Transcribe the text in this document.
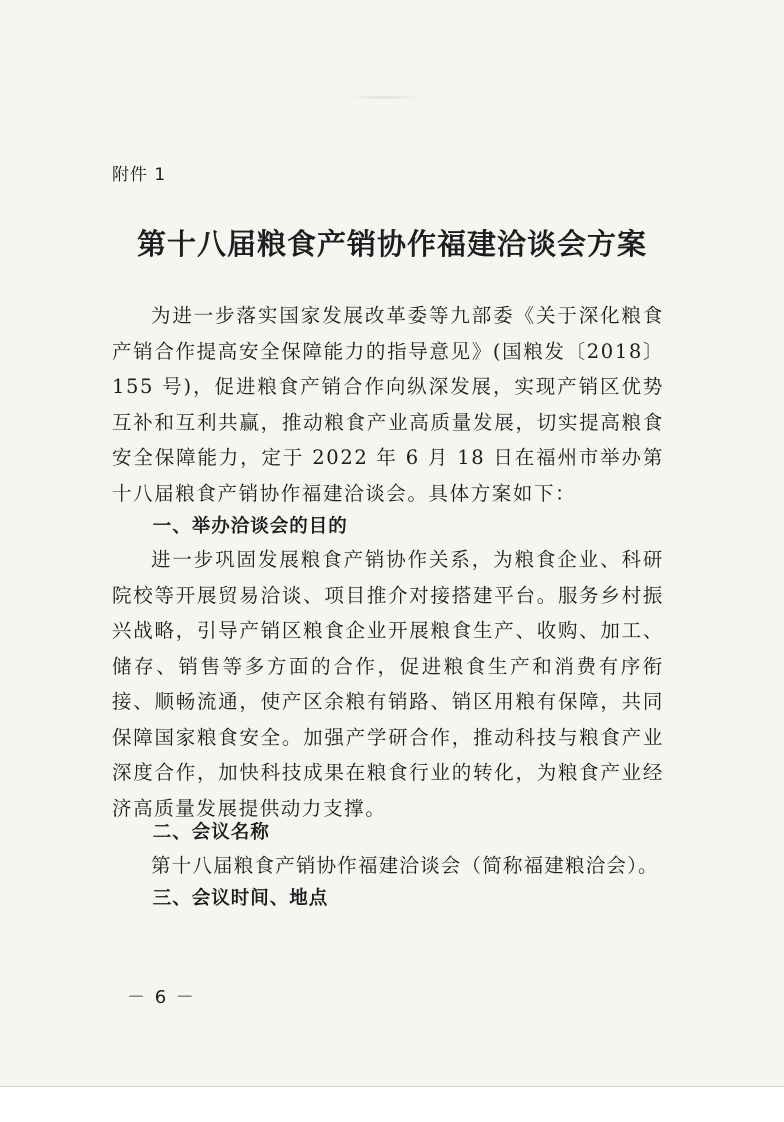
附件 1
第十八届粮食产销协作福建洽谈会方案

为进一步落实国家发展改革委等九部委《关于深化粮食产销合作提高安全保障能力的指导意见》(国粮发〔2018〕155 号)，促进粮食产销合作向纵深发展，实现产销区优势互补和互利共赢，推动粮食产业高质量发展，切实提高粮食安全保障能力，定于 2022 年 6 月 18 日在福州市举办第十八届粮食产销协作福建洽谈会。具体方案如下：

一、举办洽谈会的目的

进一步巩固发展粮食产销协作关系，为粮食企业、科研院校等开展贸易洽谈、项目推介对接搭建平台。服务乡村振兴战略，引导产销区粮食企业开展粮食生产、收购、加工、储存、销售等多方面的合作，促进粮食生产和消费有序衔接、顺畅流通，使产区余粮有销路、销区用粮有保障，共同保障国家粮食安全。加强产学研合作，推动科技与粮食产业深度合作，加快科技成果在粮食行业的转化，为粮食产业经济高质量发展提供动力支撑。

二、会议名称

第十八届粮食产销协作福建洽谈会（简称福建粮洽会）。

三、会议时间、地点

－ 6 －
